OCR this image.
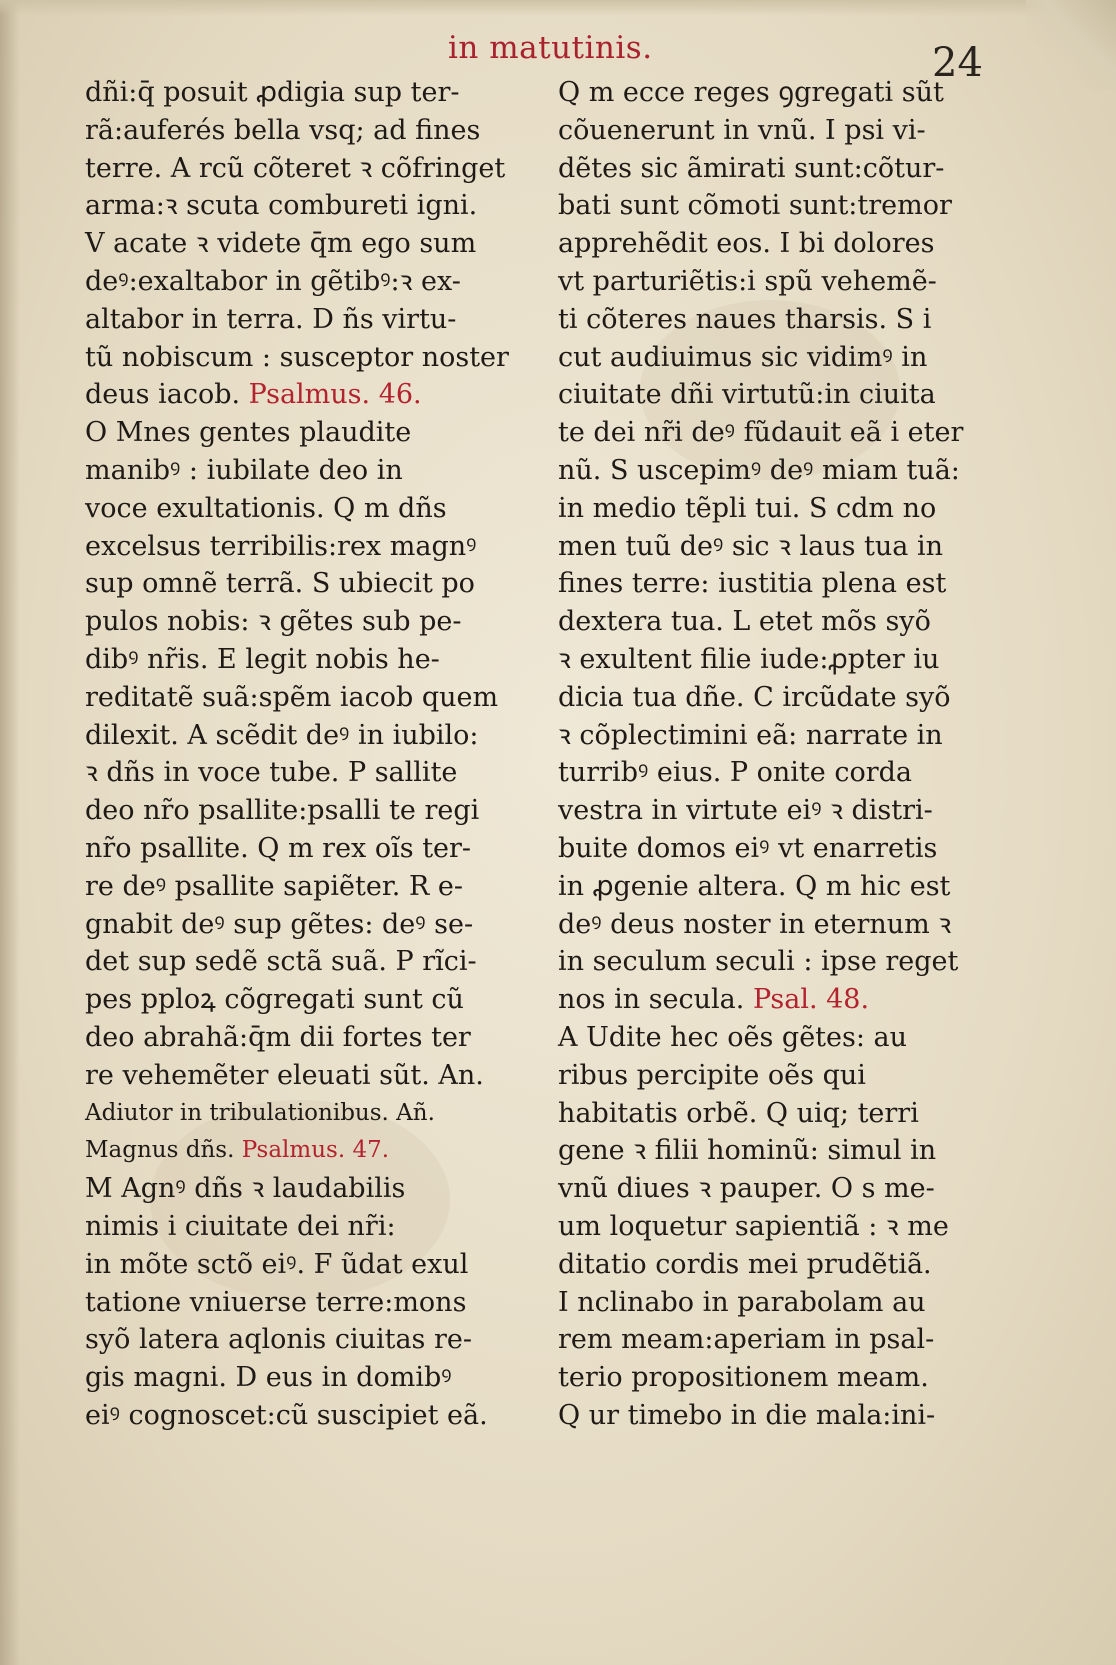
in matutinis.	24
dñi:q̄ posuit ꝓdigia sup ter-
rã:auferés bella vsq; ad fines
terre. A rcũ cõteret ꝛ cõfringet
arma:ꝛ scuta combureti igni.
V acate ꝛ videte q̄m ego sum
deꝰ:exaltabor in gẽtibꝰ:ꝛ ex-
altabor in terra. D ñs virtu-
tũ nobiscum : susceptor noster
deus iacob. Psalmus. 46.
O Mnes gentes plaudite
manibꝰ : iubilate deo in
voce exultationis. Q m dñs
excelsus terribilis:rex magnꝰ
sup omnẽ terrã. S ubiecit po
pulos nobis: ꝛ gẽtes sub pe-
dibꝰ nr̃is. E legit nobis he-
reditatẽ suã:spẽm iacob quem
dilexit. A scẽdit deꝰ in iubilo:
ꝛ dñs in voce tube. P sallite
deo nr̃o psallite:psalli te regi
nr̃o psallite. Q m rex oĩs ter-
re deꝰ psallite sapiẽter. R e-
gnabit deꝰ sup gẽtes: deꝰ se-
det sup sedẽ sctã suã. P rĩci-
pes pploꝝ cõgregati sunt cũ
deo abrahã:q̄m dii fortes ter
re vehemẽter eleuati sũt. An.
Adiutor in tribulationibus. Añ.
Magnus dñs. Psalmus. 47.
M Agnꝰ dñs ꝛ laudabilis
nimis i ciuitate dei nr̃i:
in mõte sctõ eiꝰ. F ũdat exul
tatione vniuerse terre:mons
syõ latera aqlonis ciuitas re-
gis magni. D eus in domibꝰ
eiꝰ cognoscet:cũ suscipiet eã.
Q m ecce reges ꝯgregati sũt
cõuenerunt in vnũ. I psi vi-
dẽtes sic ãmirati sunt:cõtur-
bati sunt cõmoti sunt:tremor
apprehẽdit eos. I bi dolores
vt parturiẽtis:i spũ vehemẽ-
ti cõteres naues tharsis. S i
cut audiuimus sic vidimꝰ in
ciuitate dñi virtutũ:in ciuita
te dei nr̃i deꝰ fũdauit eã i eter
nũ. S uscepimꝰ deꝰ miam tuã:
in medio tẽpli tui. S cdm no
men tuũ deꝰ sic ꝛ laus tua in
fines terre: iustitia plena est
dextera tua. L etet mõs syõ
ꝛ exultent filie iude:ꝓpter iu
dicia tua dñe. C ircũdate syõ
ꝛ cõplectimini eã: narrate in
turribꝰ eius. P onite corda
vestra in virtute eiꝰ ꝛ distri-
buite domos eiꝰ vt enarretis
in ꝓgenie altera. Q m hic est
deꝰ deus noster in eternum ꝛ
in seculum seculi : ipse reget
nos in secula. Psal. 48.
A Udite hec oẽs gẽtes: au
ribus percipite oẽs qui
habitatis orbẽ. Q uiq; terri
gene ꝛ filii hominũ: simul in
vnũ diues ꝛ pauper. O s me-
um loquetur sapientiã : ꝛ me
ditatio cordis mei prudẽtiã.
I nclinabo in parabolam au
rem meam:aperiam in psal-
terio propositionem meam.
Q ur timebo in die mala:ini-
